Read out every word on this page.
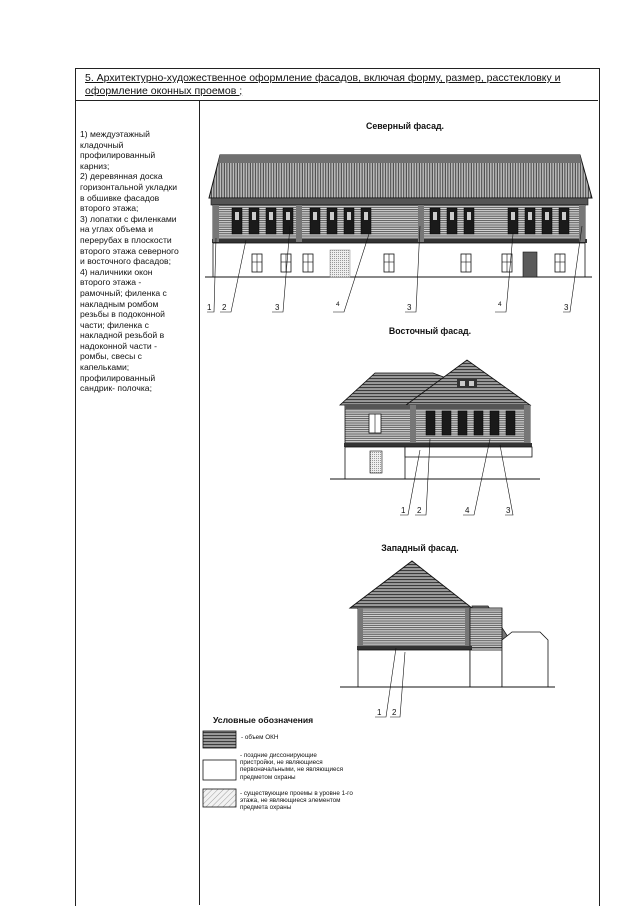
5. Архитектурно-художественное оформление фасадов, включая форму, размер, расстекловку и оформление оконных проемов ;
1) междуэтажный
кладочный
профилированный
карниз;
2) деревянная доска
горизонтальной укладки
в обшивке фасадов
второго этажа;
3) лопатки с филенками
на углах объема и
перерубах в плоскости
второго этажа северного
и восточного фасадов;
4) наличники окон
второго этажа -
рамочный; филенка с
накладным ромбом
резьбы в подоконной
части; филенка с
накладной резьбой в
надоконной части -
ромбы, свесы с
капельками;
профилированный
сандрик- полочка;
Северный фасад.
Восточный фасад.
Западный фасад.
1 2	3	4	3	4	3
1 2	4	3
1 2
Условные обозначения
- объем ОКН
- поздние диссонирующие
пристройки, не являющиеся
первоначальными, не являющиеся
предметом охраны
- существующие проемы в уровне 1-го
этажа, не являющиеся элементом
предмета охраны
